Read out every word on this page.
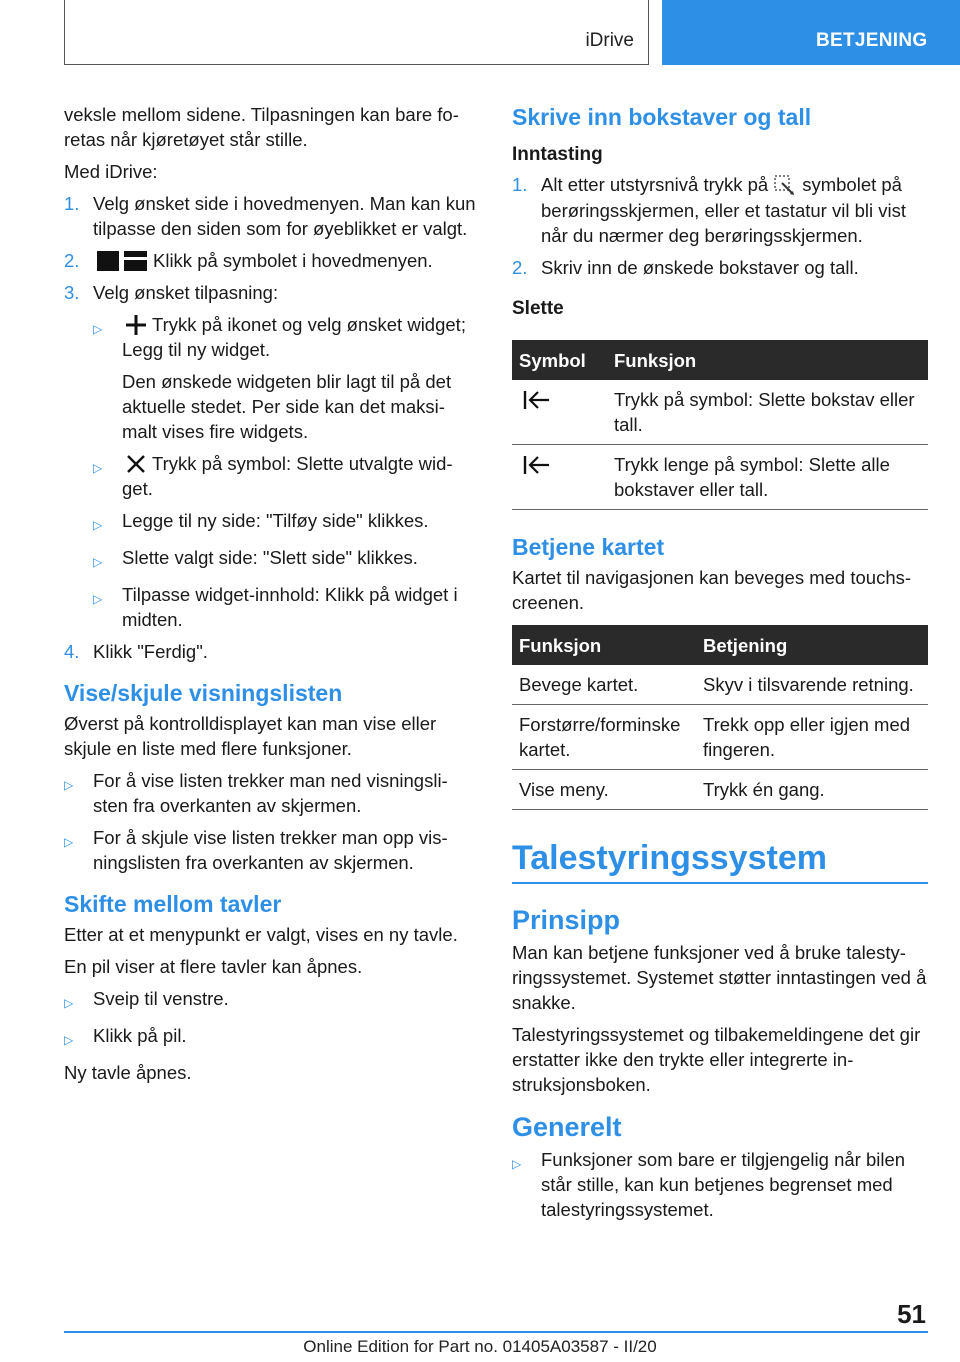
iDrive	BETJENING

veksle mellom sidene. Tilpasningen kan bare fo‐retas når kjøretøyet står stille.

Med iDrive:

1. Velg ønsket side i hovedmenyen. Man kan kun tilpasse den siden som for øyeblikket er valgt.
2.	Klikk på symbolet i hovedmenyen.
3. Velg ønsket tilpasning:
▷	Trykk på ikonet og velg ønsket widget; Legg til ny widget.

Den ønskede widgeten blir lagt til på det aktuelle stedet. Per side kan det maksi‐malt vises fire widgets.

▷	Trykk på symbol: Slette utvalgte wid‐get.
▷	Legge til ny side: "Tilføy side" klikkes.
▷	Slette valgt side: "Slett side" klikkes.
▷	Tilpasse widget-innhold: Klikk på widget i midten.
4. Klikk "Ferdig".
Vise/skjule visningslisten

Øverst på kontrolldisplayet kan man vise eller skjule en liste med flere funksjoner.

▷	For å vise listen trekker man ned visningsli‐sten fra overkanten av skjermen.
▷	For å skjule vise listen trekker man opp vis‐ningslisten fra overkanten av skjermen.
Skifte mellom tavler

Etter at et menypunkt er valgt, vises en ny tavle.

En pil viser at flere tavler kan åpnes.

▷	Sveip til venstre.
▷	Klikk på pil.

Ny tavle åpnes.

Skrive inn bokstaver og tall
Inntasting
1. Alt etter utstyrsnivå trykk på symbolet på berøringsskjermen, eller et tastatur vil bli vist når du nærmer deg berøringsskjermen.
2. Skriv inn de ønskede bokstaver og tall.
Slette
Symbol	Funksjon
	Trykk på symbol: Slette bokstav eller tall.
	Trykk lenge på symbol: Slette alle bokstaver eller tall.
Betjene kartet

Kartet til navigasjonen kan beveges med touchs‐creenen.

Funksjon	Betjening
Bevege kartet.	Skyv i tilsvarende retning.
Forstørre/forminske kartet.	Trekk opp eller igjen med fingeren.
Vise meny.	Trykk én gang.
Talestyringssystem
Prinsipp

Man kan betjene funksjoner ved å bruke talesty‐ringssystemet. Systemet støtter inntastingen ved å snakke.

Talestyringssystemet og tilbakemeldingene det gir erstatter ikke den trykte eller integrerte in‐struksjonsboken.

Generelt
▷	Funksjoner som bare er tilgjengelig når bilen står stille, kan kun betjenes begrenset med talestyringssystemet.
51
Online Edition for Part no. 01405A03587 - II/20
